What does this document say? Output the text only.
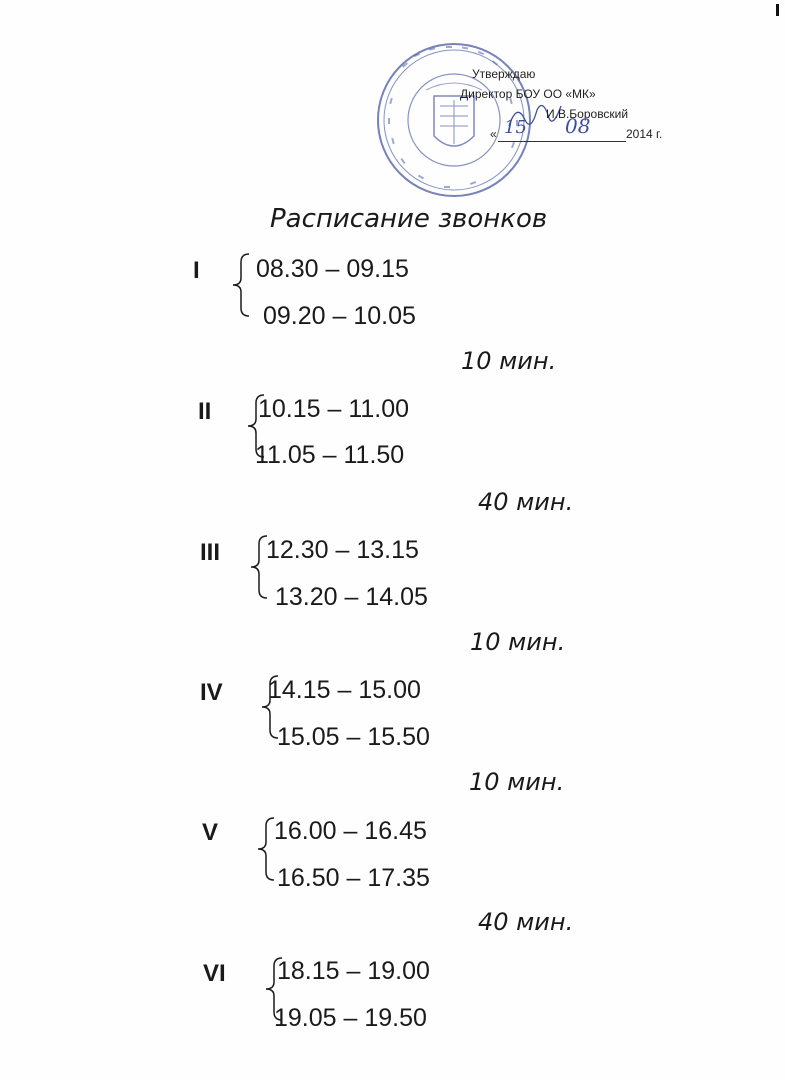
Утверждаю
Директор БОУ ОО «МК»
И.В.Боровский
« 15 08	2014 г.
Расписание звонков
I 08.30 – 09.15
09.20 – 10.05
10 мин.
II 10.15 – 11.00
11.05 – 11.50
40 мин.
III 12.30 – 13.15
13.20 – 14.05
10 мин.
IV 14.15 – 15.00
15.05 – 15.50
10 мин.
V 16.00 – 16.45
16.50 – 17.35
40 мин.
VI 18.15 – 19.00
19.05 – 19.50
